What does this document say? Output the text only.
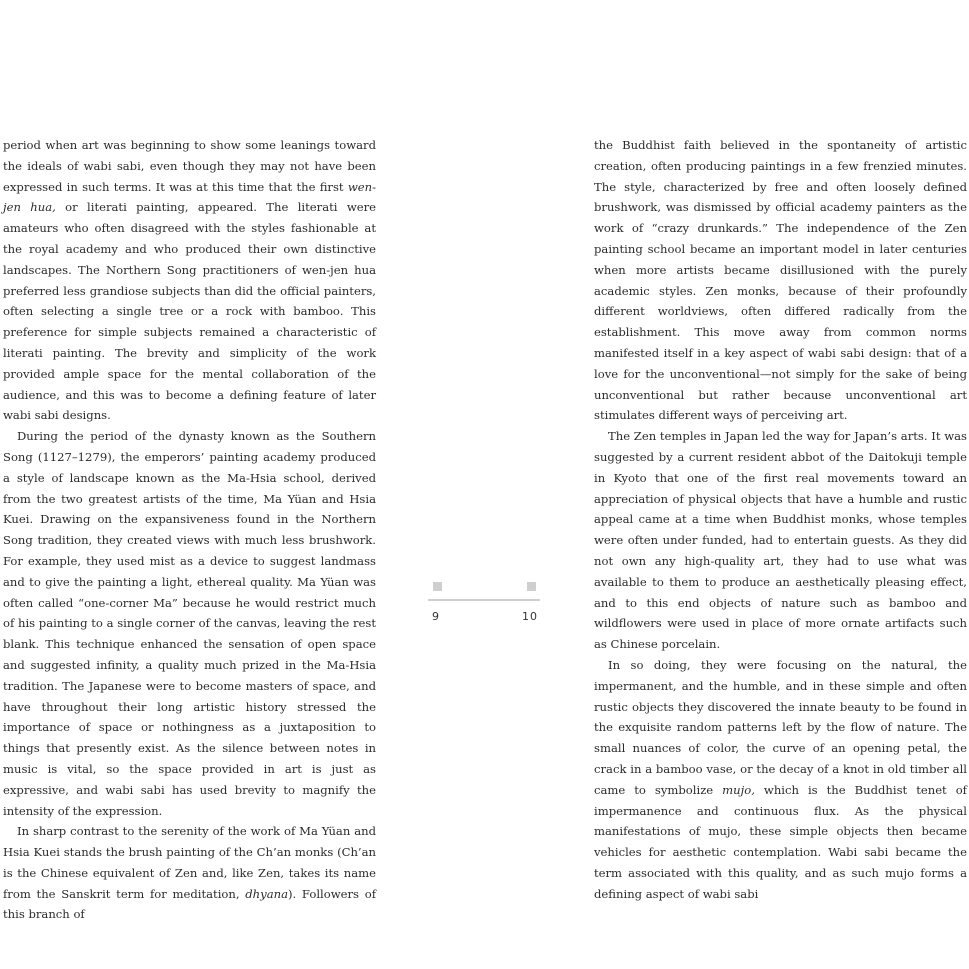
period when art was beginning to show some leanings toward the ideals of wabi sabi, even though they may not have been expressed in such terms. It was at this time that the first wen-jen hua, or literati painting, appeared. The literati were amateurs who often disagreed with the styles fashionable at the royal academy and who produced their own distinctive landscapes. The Northern Song practitioners of wen-jen hua preferred less grandiose subjects than did the official painters, often selecting a single tree or a rock with bamboo. This preference for simple subjects remained a characteristic of literati painting. The brevity and simplicity of the work provided ample space for the mental collaboration of the audience, and this was to become a defining feature of later wabi sabi designs.

During the period of the dynasty known as the Southern Song (1127–1279), the emperors’ painting academy produced a style of landscape known as the Ma-Hsia school, derived from the two greatest artists of the time, Ma Yüan and Hsia Kuei. Drawing on the expansiveness found in the Northern Song tradition, they created views with much less brushwork. For example, they used mist as a device to suggest landmass and to give the painting a light, ethereal quality. Ma Yüan was often called “one-corner Ma” because he would restrict much of his painting to a single corner of the canvas, leaving the rest blank. This technique enhanced the sensation of open space and suggested infinity, a quality much prized in the Ma-Hsia tradition. The Japanese were to become masters of space, and have throughout their long artistic history stressed the importance of space or nothingness as a juxtaposition to things that presently exist. As the silence between notes in music is vital, so the space provided in art is just as expressive, and wabi sabi has used brevity to magnify the intensity of the expression.

In sharp contrast to the serenity of the work of Ma Yüan and Hsia Kuei stands the brush painting of the Ch’an monks (Ch’an is the Chinese equivalent of Zen and, like Zen, takes its name from the Sanskrit term for meditation, dhyana). Followers of this branch of

9	10

the Buddhist faith believed in the spontaneity of artistic creation, often producing paintings in a few frenzied minutes. The style, characterized by free and often loosely defined brushwork, was dismissed by official academy painters as the work of “crazy drunkards.” The independence of the Zen painting school became an important model in later centuries when more artists became disillusioned with the purely academic styles. Zen monks, because of their profoundly different worldviews, often differed radically from the establishment. This move away from common norms manifested itself in a key aspect of wabi sabi design: that of a love for the unconventional—not simply for the sake of being unconventional but rather because unconventional art stimulates different ways of perceiving art.

The Zen temples in Japan led the way for Japan’s arts. It was suggested by a current resident abbot of the Daitokuji temple in Kyoto that one of the first real movements toward an appreciation of physical objects that have a humble and rustic appeal came at a time when Buddhist monks, whose temples were often under funded, had to entertain guests. As they did not own any high-quality art, they had to use what was available to them to produce an aesthetically pleasing effect, and to this end objects of nature such as bamboo and wildflowers were used in place of more ornate artifacts such as Chinese porcelain.

In so doing, they were focusing on the natural, the impermanent, and the humble, and in these simple and often rustic objects they discovered the innate beauty to be found in the exquisite random patterns left by the flow of nature. The small nuances of color, the curve of an opening petal, the crack in a bamboo vase, or the decay of a knot in old timber all came to symbolize mujo, which is the Buddhist tenet of impermanence and continuous flux. As the physical manifestations of mujo, these simple objects then became vehicles for aesthetic contemplation. Wabi sabi became the term associated with this quality, and as such mujo forms a defining aspect of wabi sabi
